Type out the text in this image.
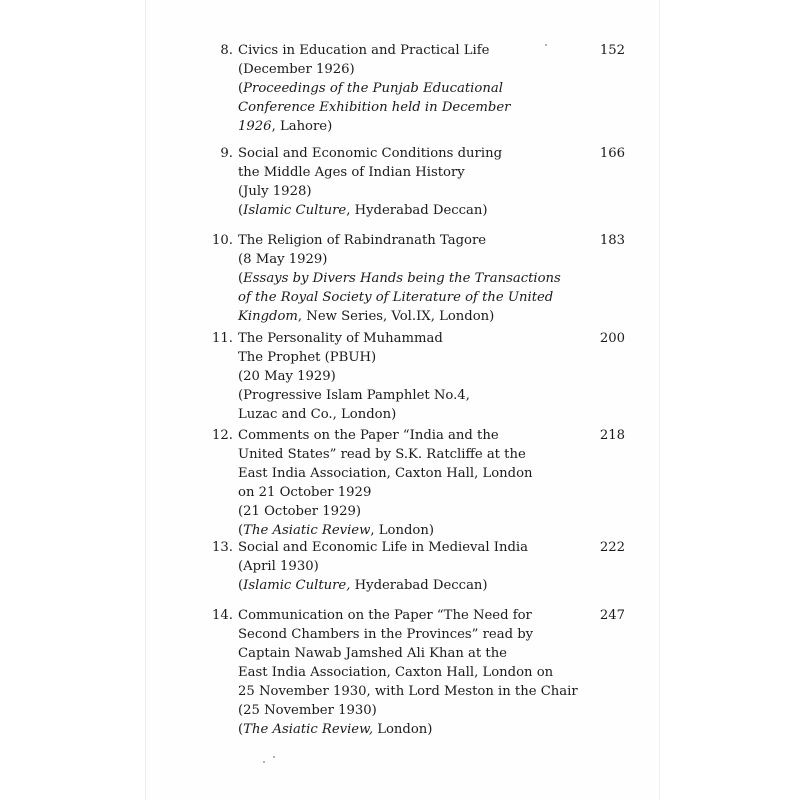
8. Civics in Education and Practical Life
(December 1926)
(Proceedings of the Punjab Educational
Conference Exhibition held in December
1926, Lahore)
152
9. Social and Economic Conditions during
the Middle Ages of Indian History
(July 1928)
(Islamic Culture, Hyderabad Deccan)
166
10. The Religion of Rabindranath Tagore
(8 May 1929)
(Essays by Divers Hands being the Transactions
of the Royal Society of Literature of the United
Kingdom, New Series, Vol.IX, London)
183
11. The Personality of Muhammad
The Prophet (PBUH)
(20 May 1929)
(Progressive Islam Pamphlet No.4,
Luzac and Co., London)
200
12. Comments on the Paper “India and the
United States” read by S.K. Ratcliffe at the
East India Association, Caxton Hall, London
on 21 October 1929
(21 October 1929)
(The Asiatic Review, London)
218
13. Social and Economic Life in Medieval India
(April 1930)
(Islamic Culture, Hyderabad Deccan)
222
14. Communication on the Paper “The Need for
Second Chambers in the Provinces” read by
Captain Nawab Jamshed Ali Khan at the
East India Association, Caxton Hall, London on
25 November 1930, with Lord Meston in the Chair
(25 November 1930)
(The Asiatic Review, London)
247
